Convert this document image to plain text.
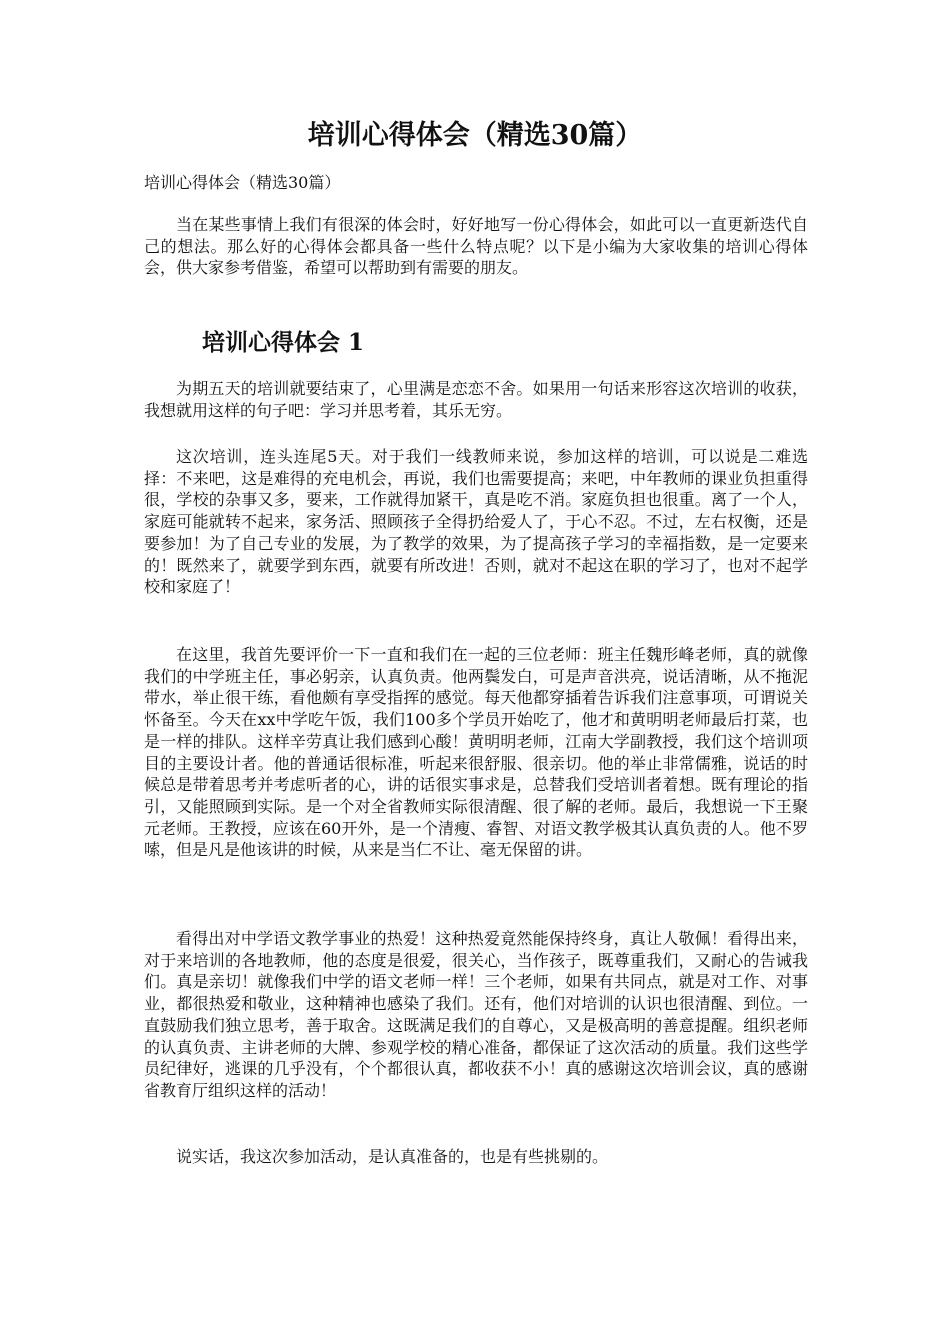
培训心得体会（精选30篇）

培训心得体会（精选30篇）

当在某些事情上我们有很深的体会时，好好地写一份心得体会，如此可以一直更新迭代自己的想法。那么好的心得体会都具备一些什么特点呢？以下是小编为大家收集的培训心得体会，供大家参考借鉴，希望可以帮助到有需要的朋友。

培训心得体会 1

为期五天的培训就要结束了，心里满是恋恋不舍。如果用一句话来形容这次培训的收获，我想就用这样的句子吧：学习并思考着，其乐无穷。

这次培训，连头连尾5天。对于我们一线教师来说，参加这样的培训，可以说是二难选择：不来吧，这是难得的充电机会，再说，我们也需要提高；来吧，中年教师的课业负担重得很，学校的杂事又多，要来，工作就得加紧干，真是吃不消。家庭负担也很重。离了一个人，家庭可能就转不起来，家务活、照顾孩子全得扔给爱人了，于心不忍。不过，左右权衡，还是要参加！为了自己专业的发展，为了教学的效果，为了提高孩子学习的幸福指数，是一定要来的！既然来了，就要学到东西，就要有所改进！否则，就对不起这在职的学习了，也对不起学校和家庭了！

在这里，我首先要评价一下一直和我们在一起的三位老师：班主任魏形峰老师，真的就像我们的中学班主任，事必躬亲，认真负责。他两鬓发白，可是声音洪亮，说话清晰，从不拖泥带水，举止很干练，看他颇有享受指挥的感觉。每天他都穿插着告诉我们注意事项，可谓说关怀备至。今天在xx中学吃午饭，我们100多个学员开始吃了，他才和黄明明老师最后打菜，也是一样的排队。这样辛劳真让我们感到心酸！黄明明老师，江南大学副教授，我们这个培训项目的主要设计者。他的普通话很标准，听起来很舒服、很亲切。他的举止非常儒雅，说话的时候总是带着思考并考虑听者的心，讲的话很实事求是，总替我们受培训者着想。既有理论的指引，又能照顾到实际。是一个对全省教师实际很清醒、很了解的老师。最后，我想说一下王聚元老师。王教授，应该在60开外，是一个清瘦、睿智、对语文教学极其认真负责的人。他不罗嗦，但是凡是他该讲的时候，从来是当仁不让、毫无保留的讲。

看得出对中学语文教学事业的热爱！这种热爱竟然能保持终身，真让人敬佩！看得出来，对于来培训的各地教师，他的态度是很爱，很关心，当作孩子，既尊重我们，又耐心的告诫我们。真是亲切！就像我们中学的语文老师一样！三个老师，如果有共同点，就是对工作、对事业，都很热爱和敬业，这种精神也感染了我们。还有，他们对培训的认识也很清醒、到位。一直鼓励我们独立思考，善于取舍。这既满足我们的自尊心，又是极高明的善意提醒。组织老师的认真负责、主讲老师的大牌、参观学校的精心准备，都保证了这次活动的质量。我们这些学员纪律好，逃课的几乎没有，个个都很认真，都收获不小！真的感谢这次培训会议，真的感谢省教育厅组织这样的活动！

说实话，我这次参加活动，是认真准备的，也是有些挑剔的。
